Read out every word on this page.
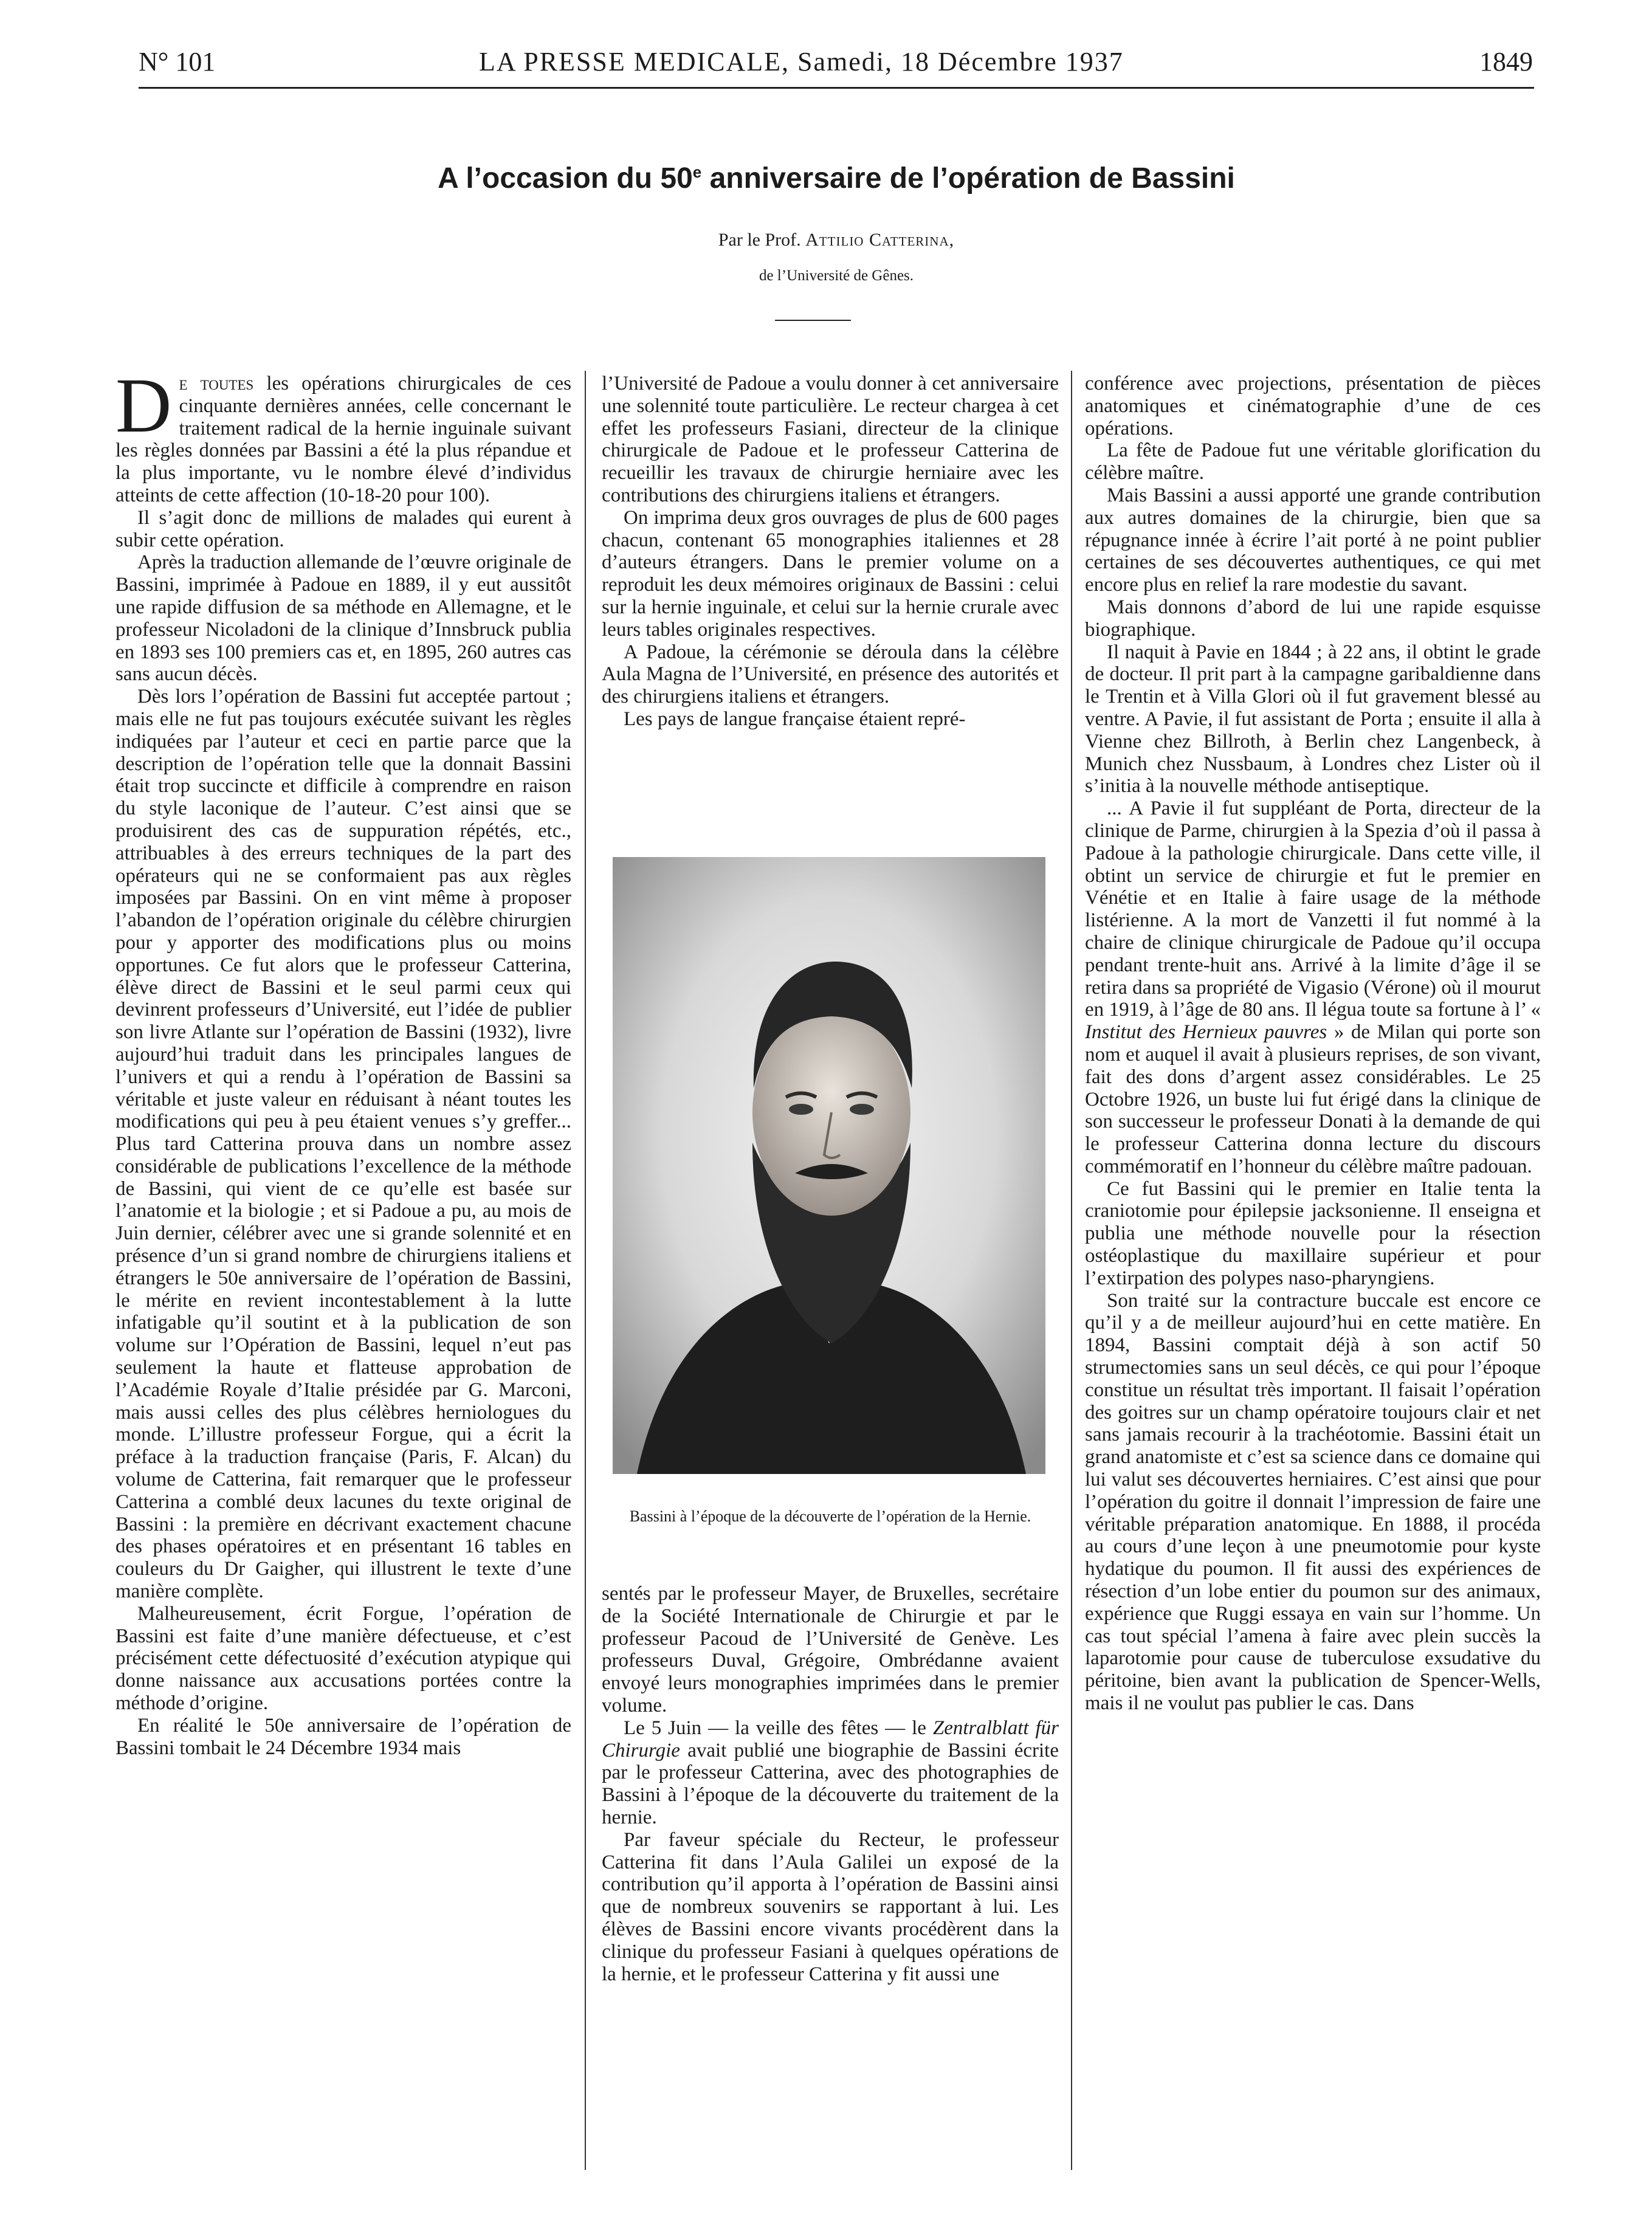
N° 101	LA PRESSE MEDICALE, Samedi, 18 Décembre 1937	1849
A l’occasion du 50e anniversaire de l’opération de Bassini
Par le Prof. Attilio Catterina,
de l’Université de Gênes.

De toutes les opérations chirurgicales de ces cinquante dernières années, celle concernant le traitement radical de la hernie inguinale suivant les règles données par Bassini a été la plus répandue et la plus importante, vu le nombre élevé d’individus atteints de cette affection (10-18-20 pour 100).

Il s’agit donc de millions de malades qui eurent à subir cette opération.

Après la traduction allemande de l’œuvre originale de Bassini, imprimée à Padoue en 1889, il y eut aussitôt une rapide diffusion de sa méthode en Allemagne, et le professeur Nicoladoni de la clinique d’Innsbruck publia en 1893 ses 100 premiers cas et, en 1895, 260 autres cas sans aucun décès.

Dès lors l’opération de Bassini fut acceptée partout ; mais elle ne fut pas toujours exécutée suivant les règles indiquées par l’auteur et ceci en partie parce que la description de l’opération telle que la donnait Bassini était trop succincte et difficile à comprendre en raison du style laconique de l’auteur. C’est ainsi que se produisirent des cas de suppuration répétés, etc., attribuables à des erreurs techniques de la part des opérateurs qui ne se conformaient pas aux règles imposées par Bassini. On en vint même à proposer l’abandon de l’opération originale du célèbre chirurgien pour y apporter des modifications plus ou moins opportunes. Ce fut alors que le professeur Catterina, élève direct de Bassini et le seul parmi ceux qui devinrent professeurs d’Université, eut l’idée de publier son livre Atlante sur l’opération de Bassini (1932), livre aujourd’hui traduit dans les principales langues de l’univers et qui a rendu à l’opération de Bassini sa véritable et juste valeur en réduisant à néant toutes les modifications qui peu à peu étaient venues s’y greffer... Plus tard Catterina prouva dans un nombre assez considérable de publications l’excellence de la méthode de Bassini, qui vient de ce qu’elle est basée sur l’anatomie et la biologie ; et si Padoue a pu, au mois de Juin dernier, célébrer avec une si grande solennité et en présence d’un si grand nombre de chirurgiens italiens et étrangers le 50e anniversaire de l’opération de Bassini, le mérite en revient incontestablement à la lutte infatigable qu’il soutint et à la publication de son volume sur l’Opération de Bassini, lequel n’eut pas seulement la haute et flatteuse approbation de l’Académie Royale d’Italie présidée par G. Marconi, mais aussi celles des plus célèbres herniologues du monde. L’illustre professeur Forgue, qui a écrit la préface à la traduction française (Paris, F. Alcan) du volume de Catterina, fait remarquer que le professeur Catterina a comblé deux lacunes du texte original de Bassini : la première en décrivant exactement chacune des phases opératoires et en présentant 16 tables en couleurs du Dr Gaigher, qui illustrent le texte d’une manière complète.

Malheureusement, écrit Forgue, l’opération de Bassini est faite d’une manière défectueuse, et c’est précisément cette défectuosité d’exécution atypique qui donne naissance aux accusations portées contre la méthode d’origine.

En réalité le 50e anniversaire de l’opération de Bassini tombait le 24 Décembre 1934 mais

l’Université de Padoue a voulu donner à cet anniversaire une solennité toute particulière. Le recteur chargea à cet effet les professeurs Fasiani, directeur de la clinique chirurgicale de Padoue et le professeur Catterina de recueillir les travaux de chirurgie herniaire avec les contributions des chirurgiens italiens et étrangers.

On imprima deux gros ouvrages de plus de 600 pages chacun, contenant 65 monographies italiennes et 28 d’auteurs étrangers. Dans le premier volume on a reproduit les deux mémoires originaux de Bassini : celui sur la hernie inguinale, et celui sur la hernie crurale avec leurs tables originales respectives.

A Padoue, la cérémonie se déroula dans la célèbre Aula Magna de l’Université, en présence des autorités et des chirurgiens italiens et étrangers.

Les pays de langue française étaient repré-

Bassini à l’époque de la découverte de l’opération de la Hernie.

sentés par le professeur Mayer, de Bruxelles, secrétaire de la Société Internationale de Chirurgie et par le professeur Pacoud de l’Université de Genève. Les professeurs Duval, Grégoire, Ombrédanne avaient envoyé leurs monographies imprimées dans le premier volume.

Le 5 Juin — la veille des fêtes — le Zentralblatt für Chirurgie avait publié une biographie de Bassini écrite par le professeur Catterina, avec des photographies de Bassini à l’époque de la découverte du traitement de la hernie.

Par faveur spéciale du Recteur, le professeur Catterina fit dans l’Aula Galilei un exposé de la contribution qu’il apporta à l’opération de Bassini ainsi que de nombreux souvenirs se rapportant à lui. Les élèves de Bassini encore vivants procédèrent dans la clinique du professeur Fasiani à quelques opérations de la hernie, et le professeur Catterina y fit aussi une

conférence avec projections, présentation de pièces anatomiques et cinématographie d’une de ces opérations.

La fête de Padoue fut une véritable glorification du célèbre maître.

Mais Bassini a aussi apporté une grande contribution aux autres domaines de la chirurgie, bien que sa répugnance innée à écrire l’ait porté à ne point publier certaines de ses découvertes authentiques, ce qui met encore plus en relief la rare modestie du savant.

Mais donnons d’abord de lui une rapide esquisse biographique.

Il naquit à Pavie en 1844 ; à 22 ans, il obtint le grade de docteur. Il prit part à la campagne garibaldienne dans le Trentin et à Villa Glori où il fut gravement blessé au ventre. A Pavie, il fut assistant de Porta ; ensuite il alla à Vienne chez Billroth, à Berlin chez Langenbeck, à Munich chez Nussbaum, à Londres chez Lister où il s’initia à la nouvelle méthode antiseptique.

... A Pavie il fut suppléant de Porta, directeur de la clinique de Parme, chirurgien à la Spezia d’où il passa à Padoue à la pathologie chirurgicale. Dans cette ville, il obtint un service de chirurgie et fut le premier en Vénétie et en Italie à faire usage de la méthode listérienne. A la mort de Vanzetti il fut nommé à la chaire de clinique chirurgicale de Padoue qu’il occupa pendant trente-huit ans. Arrivé à la limite d’âge il se retira dans sa propriété de Vigasio (Vérone) où il mourut en 1919, à l’âge de 80 ans. Il légua toute sa fortune à l’ « Institut des Herniеux pauvres » de Milan qui porte son nom et auquel il avait à plusieurs reprises, de son vivant, fait des dons d’argent assez considérables. Le 25 Octobre 1926, un buste lui fut érigé dans la clinique de son successeur le professeur Donati à la demande de qui le professeur Catterina donna lecture du discours commémoratif en l’honneur du célèbre maître padouan.

Ce fut Bassini qui le premier en Italie tenta la craniotomie pour épilepsie jacksonienne. Il enseigna et publia une méthode nouvelle pour la résection ostéoplastique du maxillaire supérieur et pour l’extirpation des polypes naso-pharyngiens.

Son traité sur la contracture buccale est encore ce qu’il y a de meilleur aujourd’hui en cette matière. En 1894, Bassini comptait déjà à son actif 50 strumectomies sans un seul décès, ce qui pour l’époque constitue un résultat très important. Il faisait l’opération des goitres sur un champ opératoire toujours clair et net sans jamais recourir à la trachéotomie. Bassini était un grand anatomiste et c’est sa science dans ce domaine qui lui valut ses découvertes herniaires. C’est ainsi que pour l’opération du goitre il donnait l’impression de faire une véritable préparation anatomique. En 1888, il procéda au cours d’une leçon à une pneumotomie pour kyste hydatique du poumon. Il fit aussi des expériences de résection d’un lobe entier du poumon sur des animaux, expérience que Ruggi essaya en vain sur l’homme. Un cas tout spécial l’amena à faire avec plein succès la laparotomie pour cause de tuberculose exsudative du péritoine, bien avant la publication de Spencer-Wells, mais il ne voulut pas publier le cas. Dans
